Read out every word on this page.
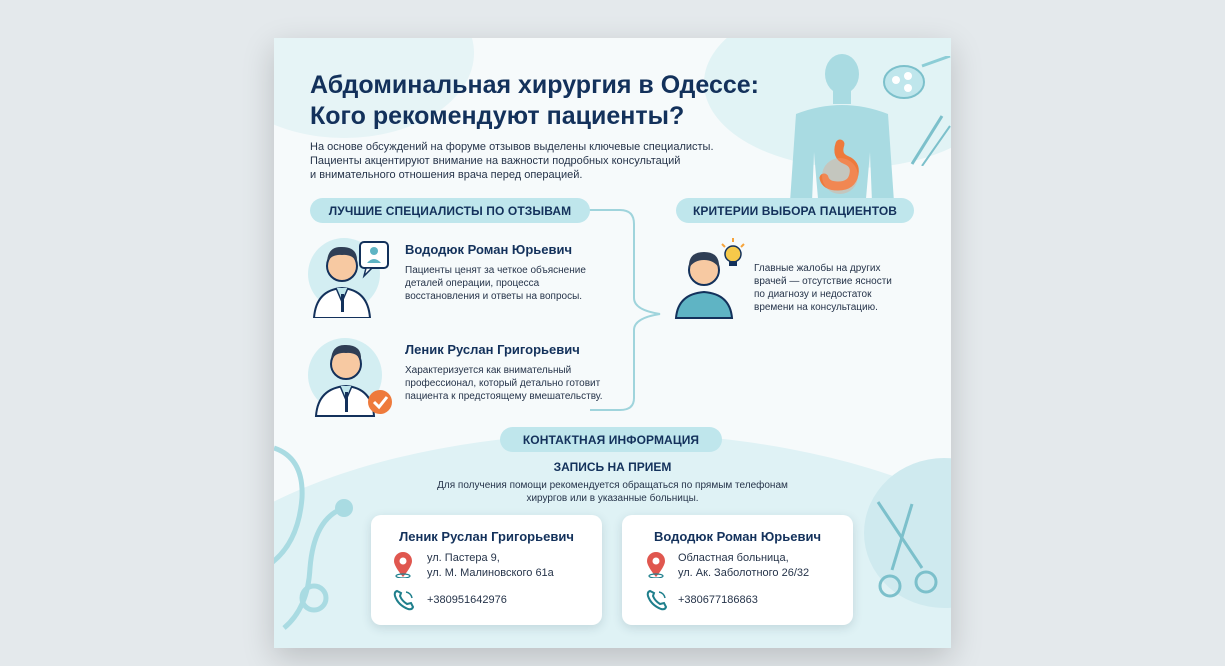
Абдоминальная хирургия в Одессе:
Кого рекомендуют пациенты?
На основе обсуждений на форуме отзывов выделены ключевые специалисты.
Пациенты акцентируют внимание на важности подробных консультаций
и внимательного отношения врача перед операцией.
ЛУЧШИЕ СПЕЦИАЛИСТЫ ПО ОТЗЫВАМ
Вододюк Роман Юрьевич
Пациенты ценят за четкое объяснение
деталей операции, процесса
восстановления и ответы на вопросы.
Леник Руслан Григорьевич
Характеризуется как внимательный
профессионал, который детально готовит
пациента к предстоящему вмешательству.
КРИТЕРИИ ВЫБОРА ПАЦИЕНТОВ
Главные жалобы на других
врачей — отсутствие ясности
по диагнозу и недостаток
времени на консультацию.
КОНТАКТНАЯ ИНФОРМАЦИЯ
ЗАПИСЬ НА ПРИЕМ
Для получения помощи рекомендуется обращаться по прямым телефонам
хирургов или в указанные больницы.
Леник Руслан Григорьевич
ул. Пастера 9,
ул. М. Малиновского 61а
+380951642976
Вододюк Роман Юрьевич
Областная больница,
ул. Ак. Заболотного 26/32
+380677186863
